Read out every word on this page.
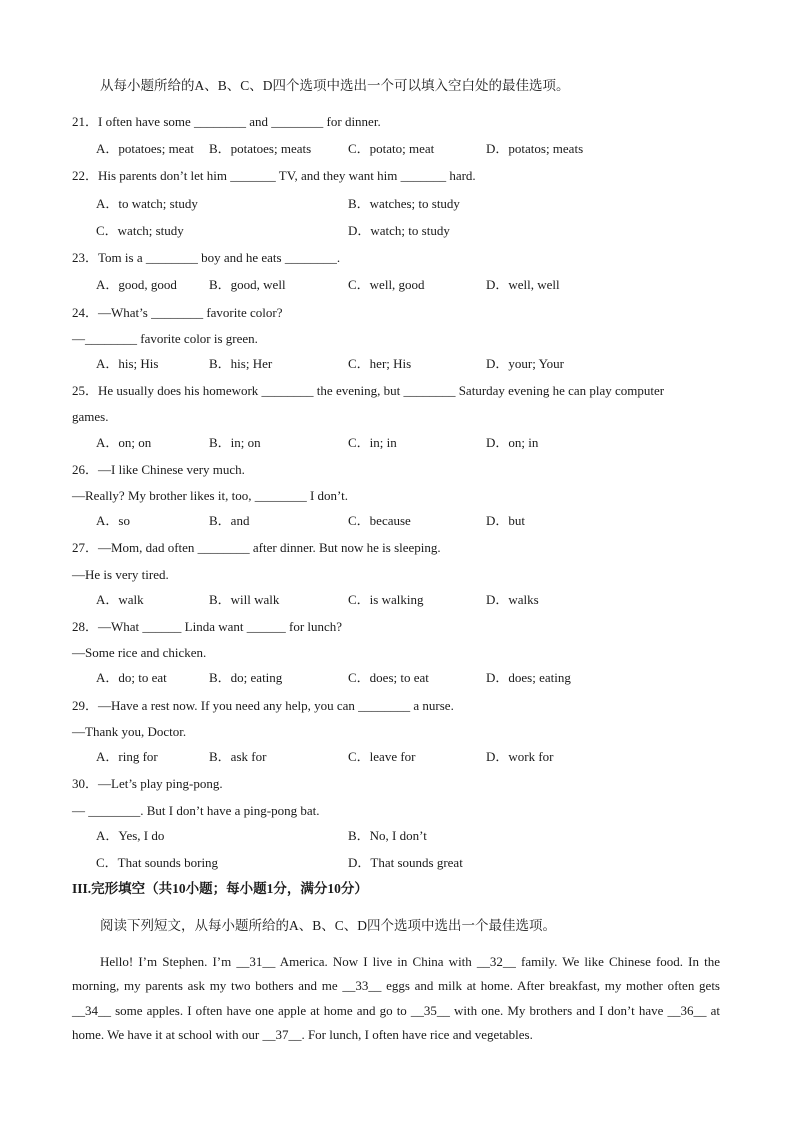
从每小题所给的A、B、C、D四个选项中选出一个可以填入空白处的最佳选项。
21．I often have some ________ and ________ for dinner.
A．potatoes; meat B．potatoes; meats	C．potato; meat	D．potatos; meats
22．His parents don’t let him _______ TV, and they want him _______ hard.
A．to watch; study	B．watches; to study
C．watch; study	D．watch; to study
23．Tom is a ________ boy and he eats ________.
A．good, good B．good, well	C．well, good	D．well, well
24．—What’s ________ favorite color?
—________ favorite color is green.
A．his; His	B．his; Her	C．her; His	D．your; Your
25．He usually does his homework ________ the evening, but ________ Saturday evening he can play computer
games.
A．on; on	B．in; on	C．in; in	D．on; in
26．—I like Chinese very much.
—Really? My brother likes it, too, ________ I don’t.
A．so	B．and	C．because	D．but
27．—Mom, dad often ________ after dinner. But now he is sleeping.
—He is very tired.
A．walk	B．will walk	C．is walking	D．walks
28．—What ______ Linda want ______ for lunch?
—Some rice and chicken.
A．do; to eat	B．do; eating	C．does; to eat	D．does; eating
29．—Have a rest now. If you need any help, you can ________ a nurse.
—Thank you, Doctor.
A．ring for	B．ask for	C．leave for	D．work for
30．—Let’s play ping-pong.
— ________. But I don’t have a ping-pong bat.
A．Yes, I do	B．No, I don’t
C．That sounds boring	D．That sounds great
III.完形填空（共10小题；每小题1分，满分10分）
阅读下列短文，从每小题所给的A、B、C、D四个选项中选出一个最佳选项。

Hello! I’m Stephen. I’m __31__ America. Now I live in China with __32__ family. We like Chinese food. In the morning, my parents ask my two bothers and me __33__ eggs and milk at home. After breakfast, my mother often gets __34__ some apples. I often have one apple at home and go to __35__ with one. My brothers and I don’t have __36__ at home. We have it at school with our __37__. For lunch, I often have rice and vegetables.
